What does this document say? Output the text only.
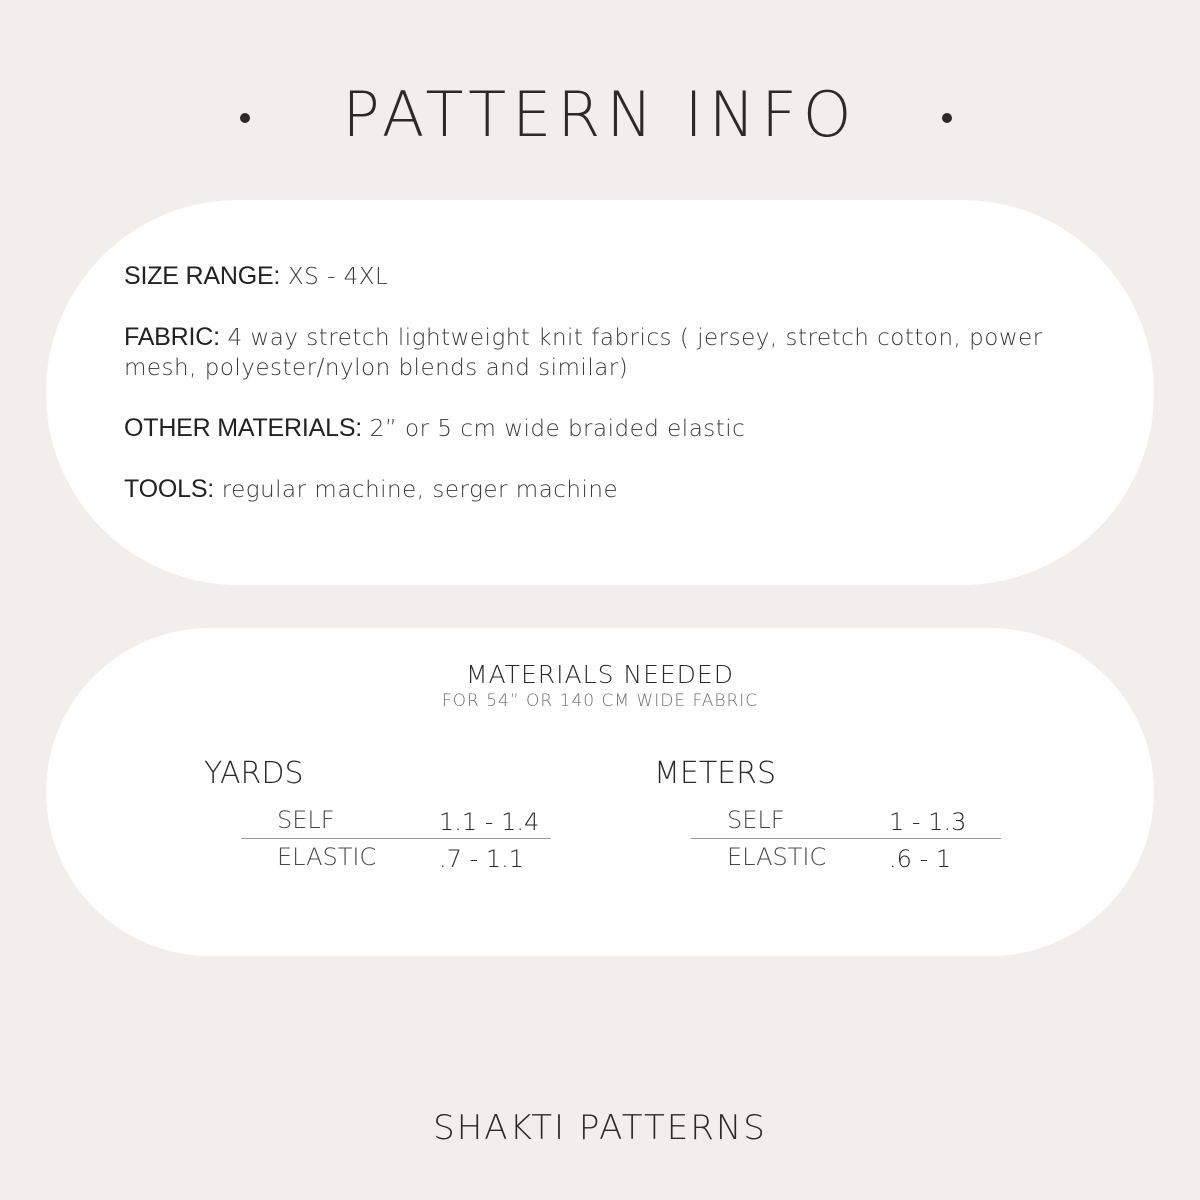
PATTERN INFO

SIZE RANGE: XS - 4XL

FABRIC: 4 way stretch lightweight knit fabrics ( jersey, stretch cotton, power mesh, polyester/nylon blends and similar)

OTHER MATERIALS: 2” or 5 cm wide braided elastic

TOOLS: regular machine, serger machine

MATERIALS NEEDED
FOR 54” OR 140 CM WIDE FABRIC
YARDS
SELF	1.1 - 1.4
ELASTIC	.7 - 1.1
METERS
SELF	1 - 1.3
ELASTIC	.6 - 1
SHAKTI PATTERNS
